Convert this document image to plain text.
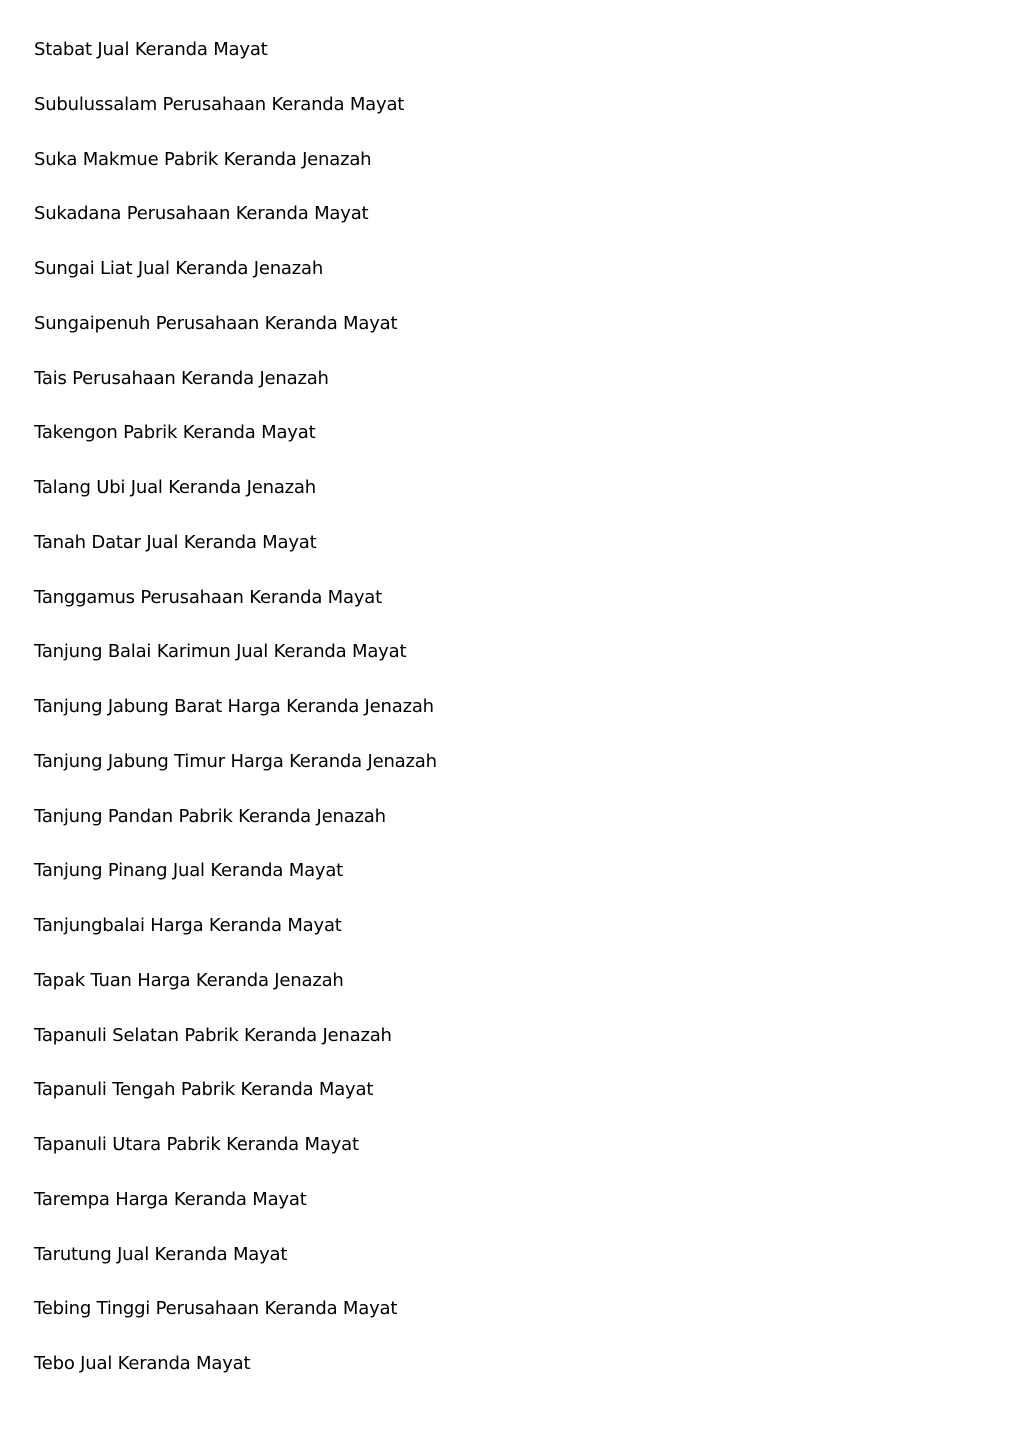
Stabat Jual Keranda Mayat
Subulussalam Perusahaan Keranda Mayat
Suka Makmue Pabrik Keranda Jenazah
Sukadana Perusahaan Keranda Mayat
Sungai Liat Jual Keranda Jenazah
Sungaipenuh Perusahaan Keranda Mayat
Tais Perusahaan Keranda Jenazah
Takengon Pabrik Keranda Mayat
Talang Ubi Jual Keranda Jenazah
Tanah Datar Jual Keranda Mayat
Tanggamus Perusahaan Keranda Mayat
Tanjung Balai Karimun Jual Keranda Mayat
Tanjung Jabung Barat Harga Keranda Jenazah
Tanjung Jabung Timur Harga Keranda Jenazah
Tanjung Pandan Pabrik Keranda Jenazah
Tanjung Pinang Jual Keranda Mayat
Tanjungbalai Harga Keranda Mayat
Tapak Tuan Harga Keranda Jenazah
Tapanuli Selatan Pabrik Keranda Jenazah
Tapanuli Tengah Pabrik Keranda Mayat
Tapanuli Utara Pabrik Keranda Mayat
Tarempa Harga Keranda Mayat
Tarutung Jual Keranda Mayat
Tebing Tinggi Perusahaan Keranda Mayat
Tebo Jual Keranda Mayat
